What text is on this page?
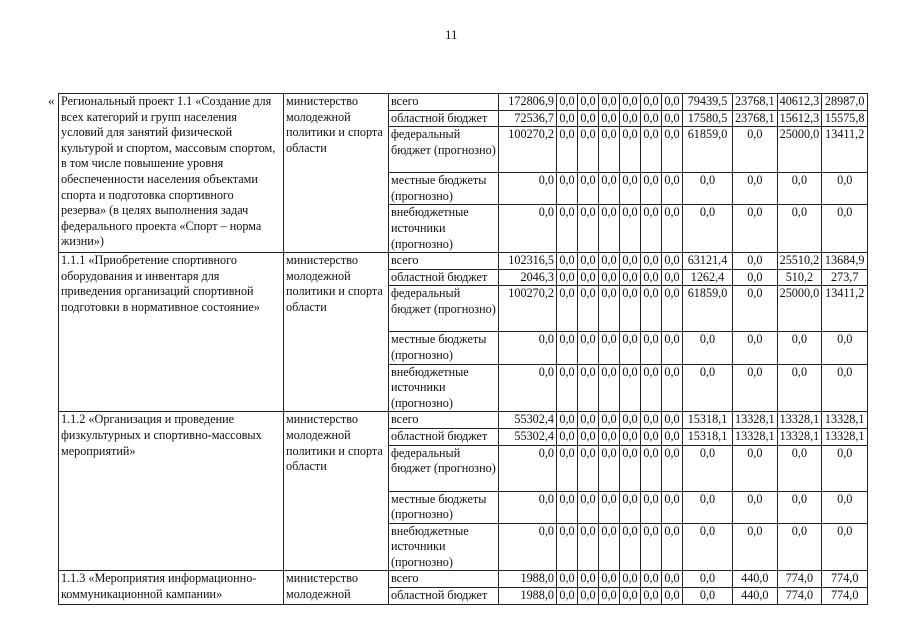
11
« Региональный проект 1.1 «Создание для всех категорий и групп населения условий для занятий физической культурой и спортом, массовым спортом, в том числе повышение уровня обеспеченности населения объектами спорта и подготовка спортивного резерва» (в целях выполнения задач федерального проекта «Спорт – норма жизни»)	министерство молодежной политики и спорта области	всего	172806,9	0,0	0,0	0,0	0,0	0,0	0,0	79439,5	23768,1	40612,3	28987,0
		областной бюджет	72536,7	0,0	0,0	0,0	0,0	0,0	0,0	17580,5	23768,1	15612,3	15575,8
		федеральный бюджет (прогнозно)	100270,2	0,0	0,0	0,0	0,0	0,0	0,0	61859,0	0,0	25000,0	13411,2
		местные бюджеты (прогнозно)	0,0	0,0	0,0	0,0	0,0	0,0	0,0	0,0	0,0	0,0	0,0
		внебюджетные источники (прогнозно)	0,0	0,0	0,0	0,0	0,0	0,0	0,0	0,0	0,0	0,0	0,0
1.1.1 «Приобретение спортивного оборудования и инвентаря для приведения организаций спортивной подготовки в нормативное состояние»	министерство молодежной политики и спорта области	всего	102316,5	0,0	0,0	0,0	0,0	0,0	0,0	63121,4	0,0	25510,2	13684,9
		областной бюджет	2046,3	0,0	0,0	0,0	0,0	0,0	0,0	1262,4	0,0	510,2	273,7
		федеральный бюджет (прогнозно)	100270,2	0,0	0,0	0,0	0,0	0,0	0,0	61859,0	0,0	25000,0	13411,2
		местные бюджеты (прогнозно)	0,0	0,0	0,0	0,0	0,0	0,0	0,0	0,0	0,0	0,0	0,0
		внебюджетные источники (прогнозно)	0,0	0,0	0,0	0,0	0,0	0,0	0,0	0,0	0,0	0,0	0,0
1.1.2 «Организация и проведение физкультурных и спортивно-массовых мероприятий»	министерство молодежной политики и спорта области	всего	55302,4	0,0	0,0	0,0	0,0	0,0	0,0	15318,1	13328,1	13328,1	13328,1
		областной бюджет	55302,4	0,0	0,0	0,0	0,0	0,0	0,0	15318,1	13328,1	13328,1	13328,1
		федеральный бюджет (прогнозно)	0,0	0,0	0,0	0,0	0,0	0,0	0,0	0,0	0,0	0,0	0,0
		местные бюджеты (прогнозно)	0,0	0,0	0,0	0,0	0,0	0,0	0,0	0,0	0,0	0,0	0,0
		внебюджетные источники (прогнозно)	0,0	0,0	0,0	0,0	0,0	0,0	0,0	0,0	0,0	0,0	0,0
1.1.3 «Мероприятия информационно-коммуникационной кампании»	министерство молодежной	всего	1988,0	0,0	0,0	0,0	0,0	0,0	0,0	0,0	440,0	774,0	774,0
		областной бюджет	1988,0	0,0	0,0	0,0	0,0	0,0	0,0	0,0	440,0	774,0	774,0
